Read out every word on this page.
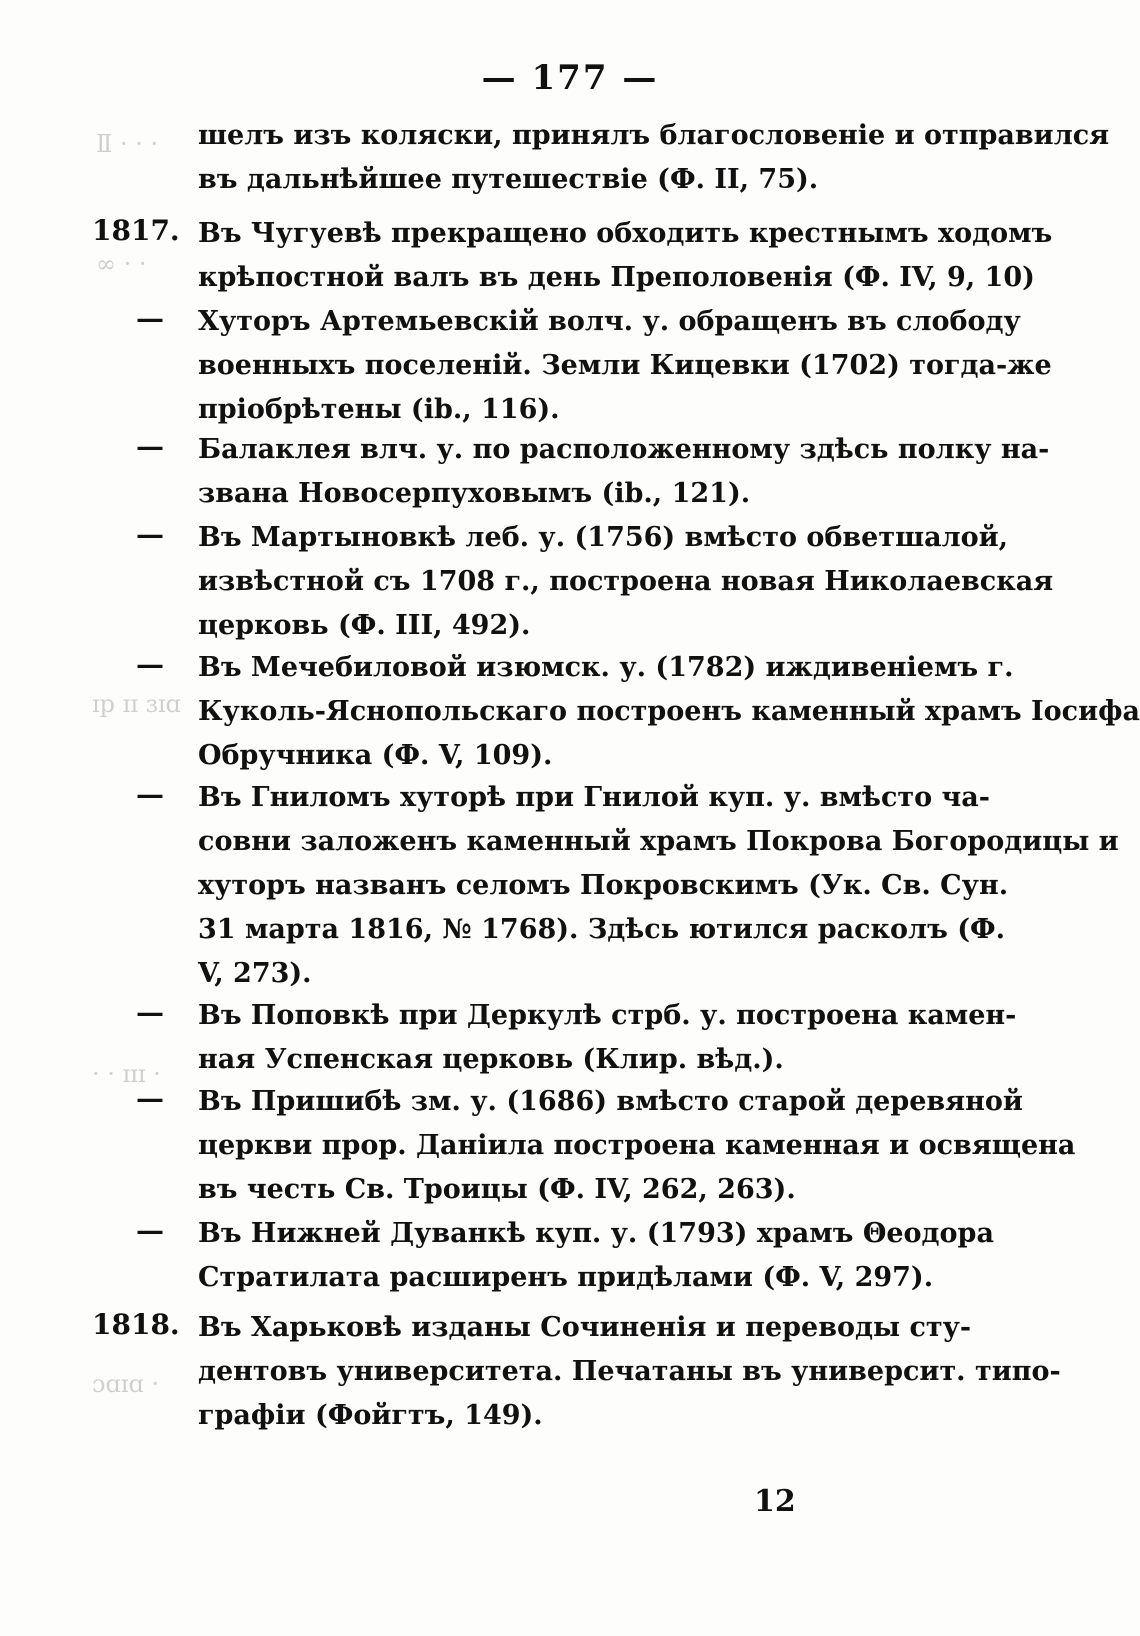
— 177 —
Ⅱ · · ·
∞ · ·
ɪp ɪɪ ɜɪɑ
· · ɪɪɪ ·
ɔɑɪɑ ·
шелъ изъ коляски, принялъ благословеніе и отправился
въ дальнѣйшее путешествіе (Ф. II, 75).
1817. Въ Чугуевѣ прекращено обходить крестнымъ ходомъ
крѣпостной валъ въ день Преполовенія (Ф. IV, 9, 10)
—	Хуторъ Артемьевскій волч. у. обращенъ въ слободу
военныхъ поселеній. Земли Кицевки (1702) тогда-же
пріобрѣтены (ib., 116).
—	Балаклея влч. у. по расположенному здѣсь полку на-
звана Новосерпуховымъ (ib., 121).
—	Въ Мартыновкѣ леб. у. (1756) вмѣсто обветшалой,
извѣстной съ 1708 г., построена новая Николаевская
церковь (Ф. III, 492).
—	Въ Мечебиловой изюмск. у. (1782) иждивеніемъ г.
Куколь-Яснопольскаго построенъ каменный храмъ Іосифа
Обручника (Ф. V, 109).
—	Въ Гниломъ хуторѣ при Гнилой куп. у. вмѣсто ча-
совни заложенъ каменный храмъ Покрова Богородицы и
хуторъ названъ селомъ Покровскимъ (Ук. Св. Сун.
31 марта 1816, № 1768). Здѣсь ютился расколъ (Ф.
V, 273).
—	Въ Поповкѣ при Деркулѣ стрб. у. построена камен-
ная Успенская церковь (Клир. вѣд.).
—	Въ Пришибѣ зм. у. (1686) вмѣсто старой деревяной
церкви прор. Даніила построена каменная и освящена
въ честь Св. Троицы (Ф. IV, 262, 263).
—	Въ Нижней Дуванкѣ куп. у. (1793) храмъ Θеодора
Стратилата расширенъ придѣлами (Ф. V, 297).
1818. Въ Харьковѣ изданы Сочиненія и переводы сту-
дентовъ университета. Печатаны въ университ. типо-
графіи (Фойгтъ, 149).
12
